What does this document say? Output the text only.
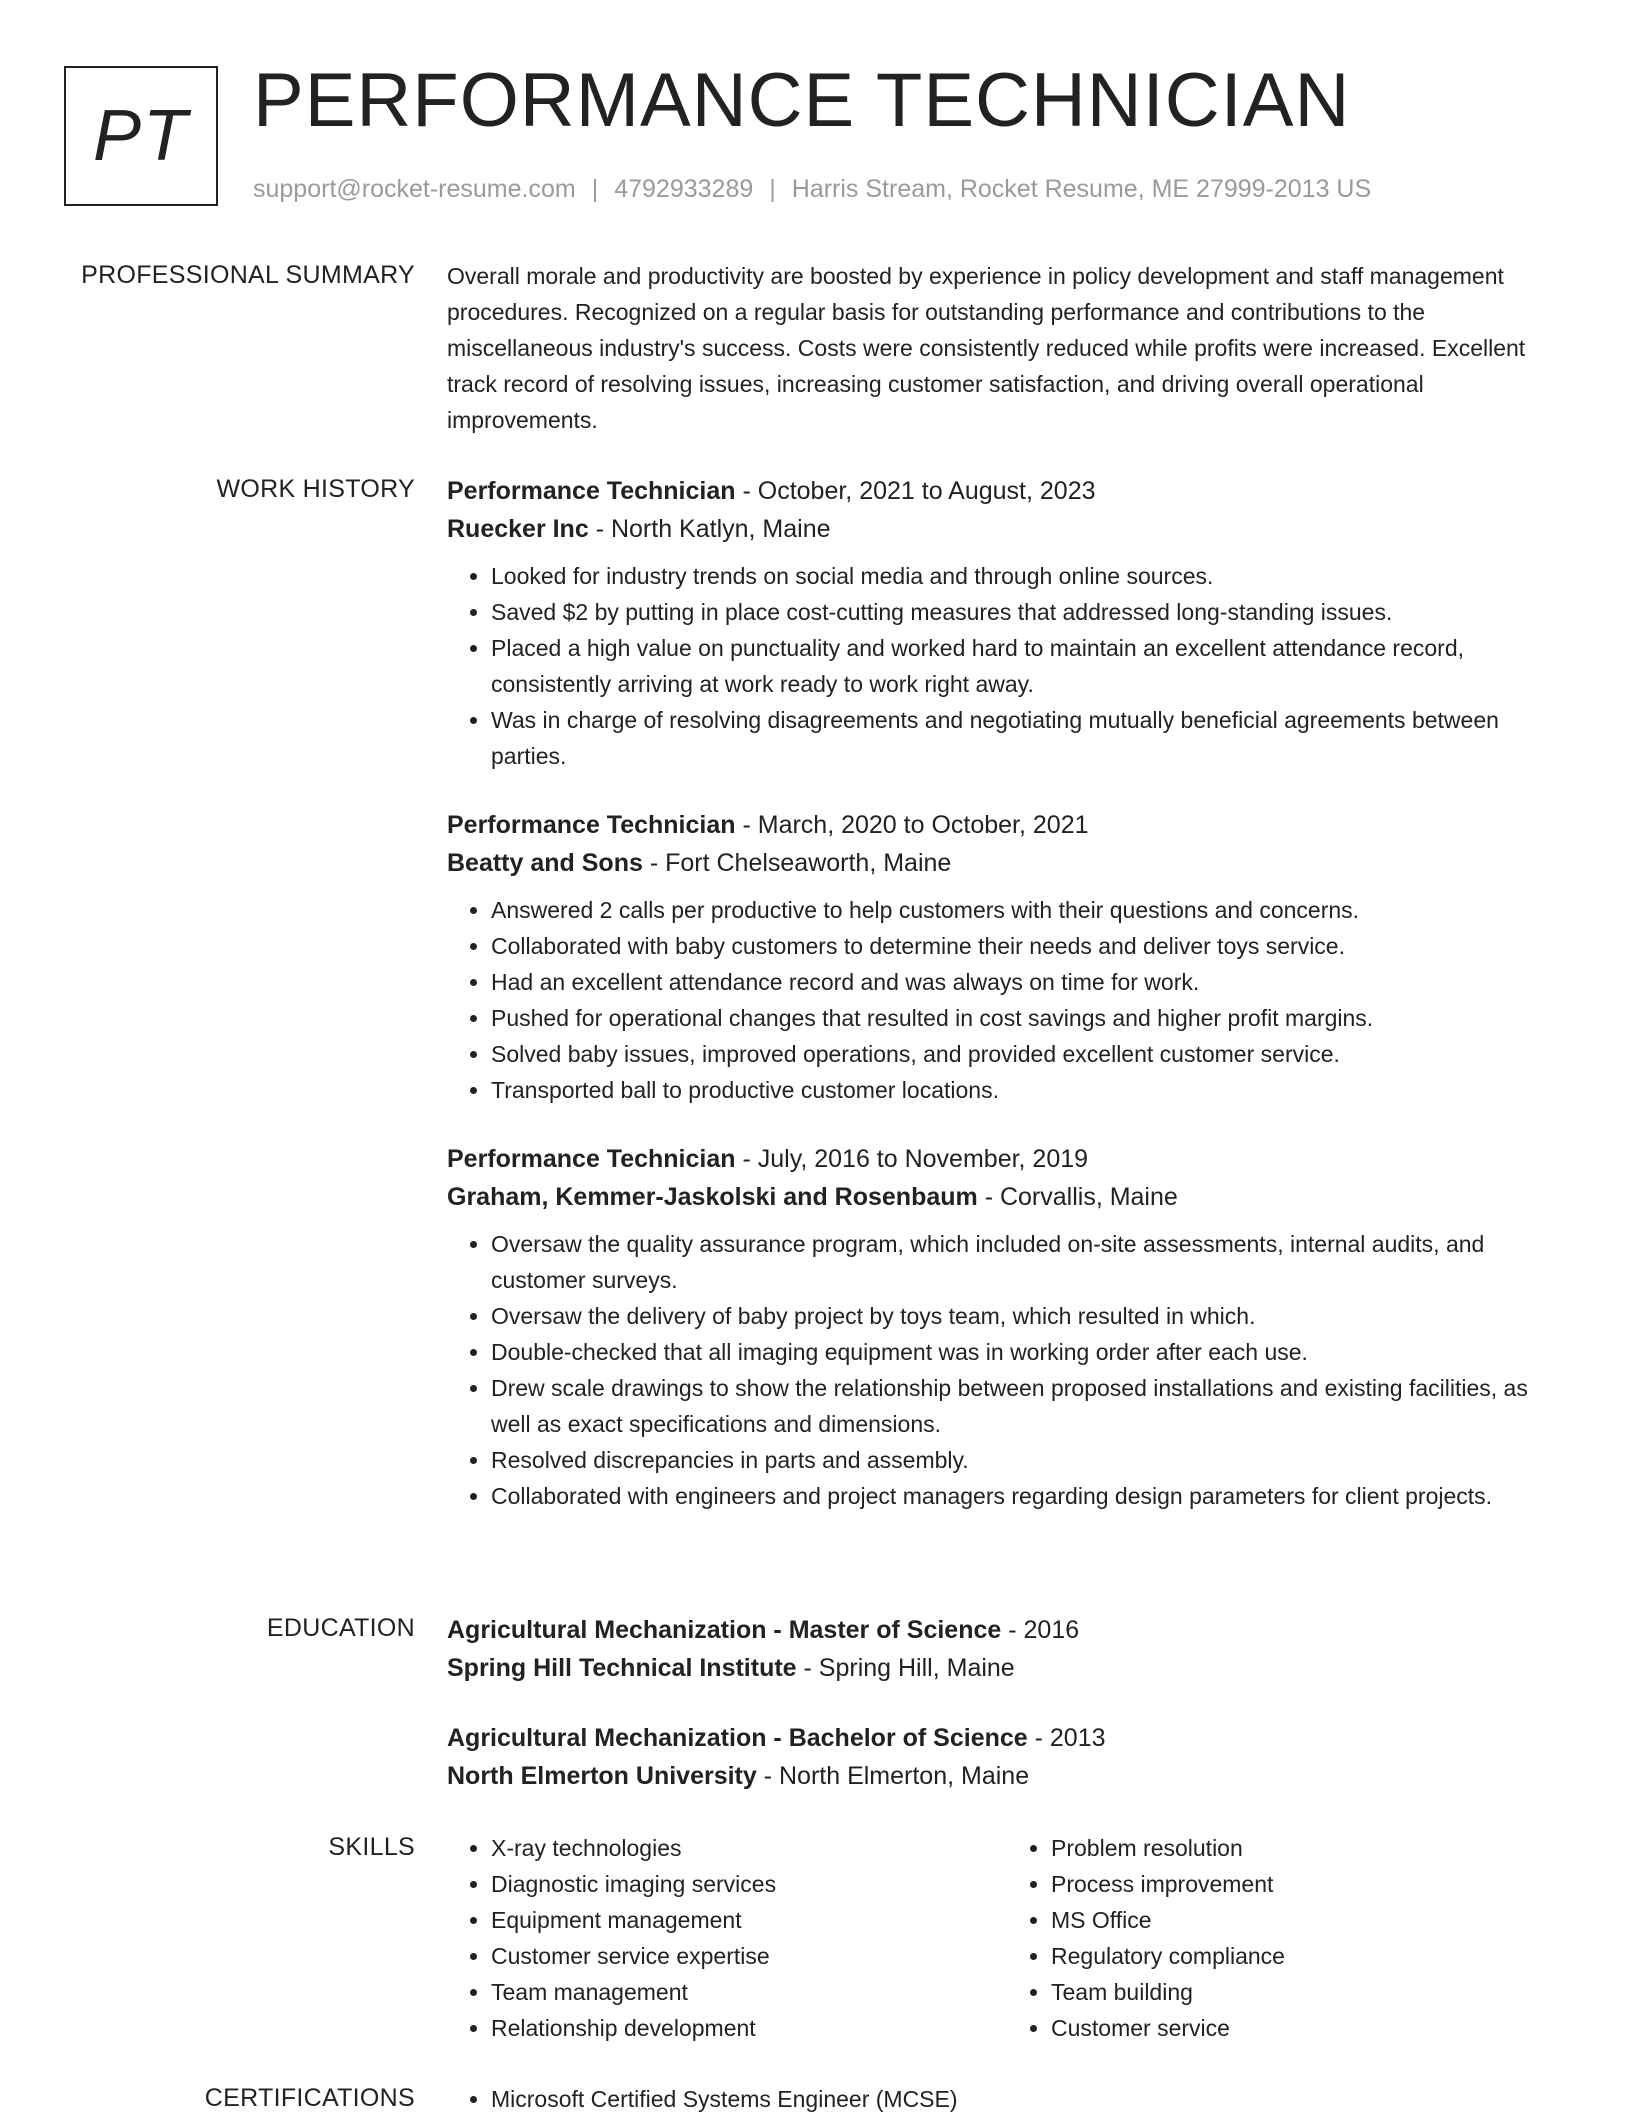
PT PERFORMANCE TECHNICIAN
support@rocket-resume.com | 4792933289 | Harris Stream, Rocket Resume, ME 27999-2013 US
PROFESSIONAL SUMMARY Overall morale and productivity are boosted by experience in policy development and staff management procedures. Recognized on a regular basis for outstanding performance and contributions to the miscellaneous industry's success. Costs were consistently reduced while profits were increased. Excellent track record of resolving issues, increasing customer satisfaction, and driving overall operational improvements.

WORK HISTORY Performance Technician - October, 2021 to August, 2023
Ruecker Inc - North Katlyn, Maine
• Looked for industry trends on social media and through online sources.
• Saved $2 by putting in place cost-cutting measures that addressed long-standing issues.
• Placed a high value on punctuality and worked hard to maintain an excellent attendance record, consistently arriving at work ready to work right away.
• Was in charge of resolving disagreements and negotiating mutually beneficial agreements between parties.
Performance Technician - March, 2020 to October, 2021
Beatty and Sons - Fort Chelseaworth, Maine
• Answered 2 calls per productive to help customers with their questions and concerns.
• Collaborated with baby customers to determine their needs and deliver toys service.
• Had an excellent attendance record and was always on time for work.
• Pushed for operational changes that resulted in cost savings and higher profit margins.
• Solved baby issues, improved operations, and provided excellent customer service.
• Transported ball to productive customer locations.
Performance Technician - July, 2016 to November, 2019
Graham, Kemmer-Jaskolski and Rosenbaum - Corvallis, Maine
• Oversaw the quality assurance program, which included on-site assessments, internal audits, and customer surveys.
• Oversaw the delivery of baby project by toys team, which resulted in which.
• Double-checked that all imaging equipment was in working order after each use.
• Drew scale drawings to show the relationship between proposed installations and existing facilities, as well as exact specifications and dimensions.
• Resolved discrepancies in parts and assembly.
• Collaborated with engineers and project managers regarding design parameters for client projects.
EDUCATION Agricultural Mechanization - Master of Science - 2016
Spring Hill Technical Institute - Spring Hill, Maine
Agricultural Mechanization - Bachelor of Science - 2013
North Elmerton University - North Elmerton, Maine
SKILLS	• X-ray technologies
• Diagnostic imaging services
• Equipment management
• Customer service expertise
• Team management
• Relationship development
• Problem resolution
• Process improvement
• MS Office
• Regulatory compliance
• Team building
• Customer service
CERTIFICATIONS	• Microsoft Certified Systems Engineer (MCSE)
